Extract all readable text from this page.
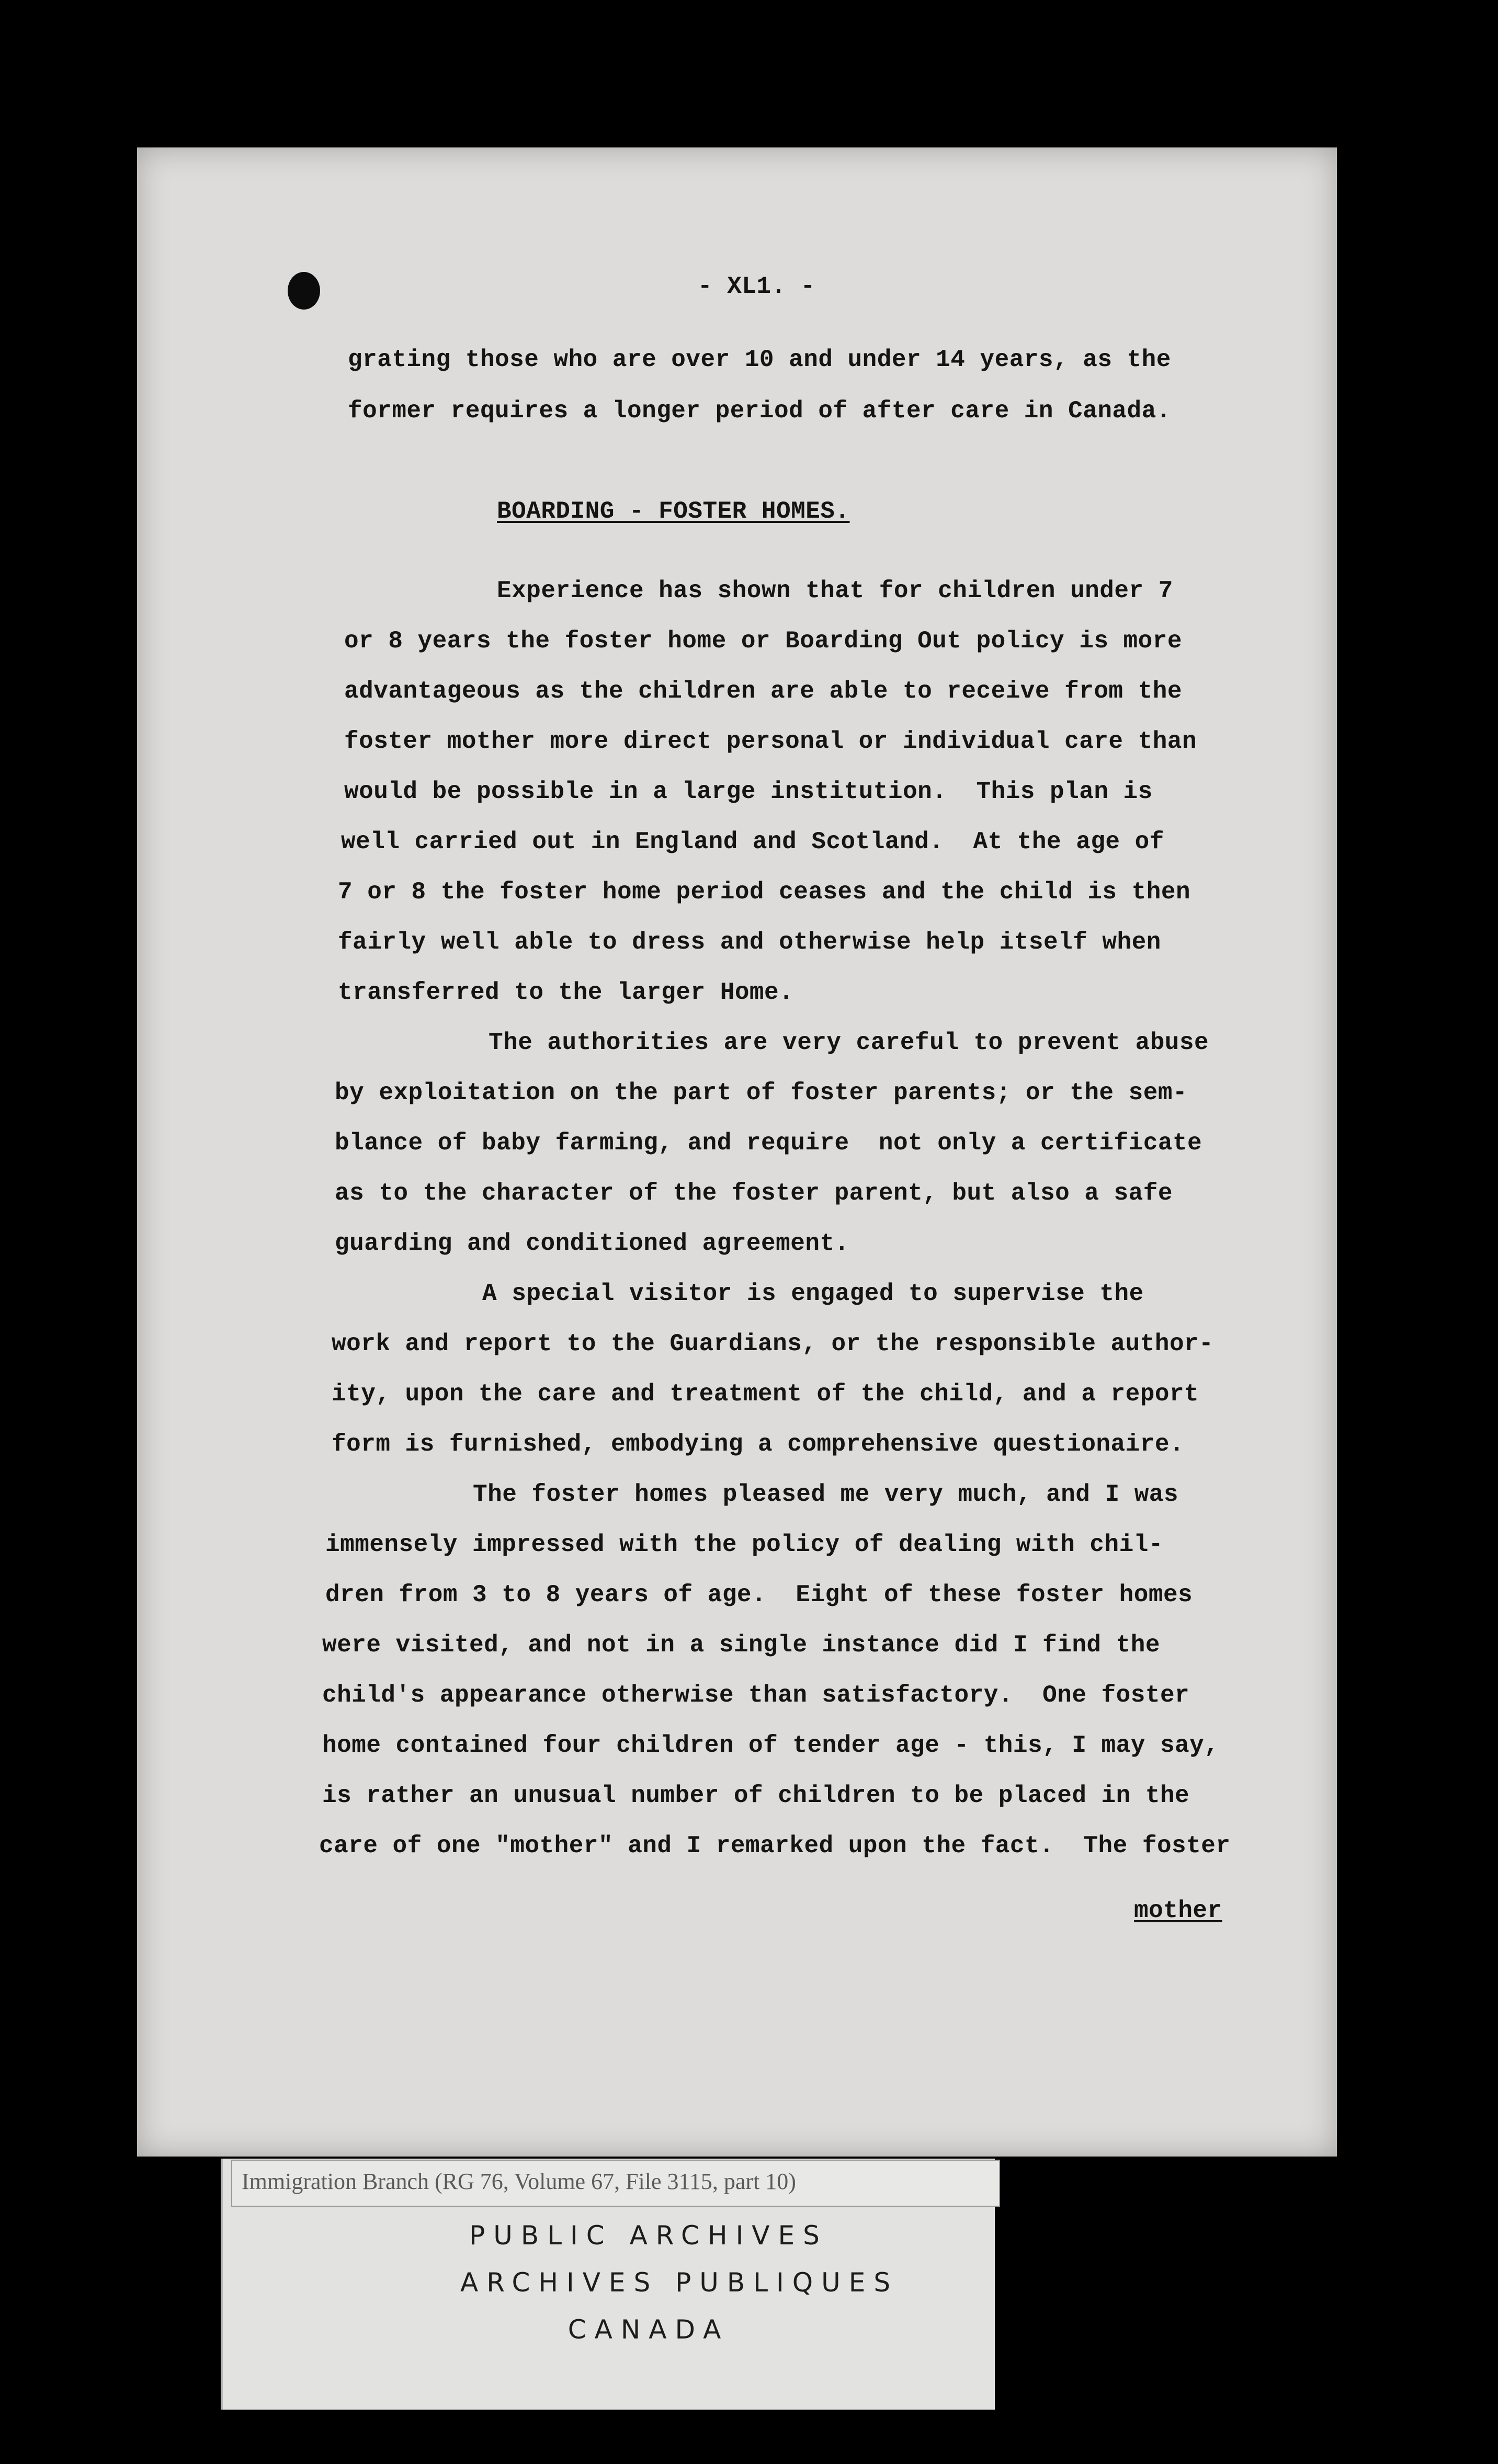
- XL1. -
grating those who are over 10 and under 14 years, as the
former requires a longer period of after care in Canada.
BOARDING - FOSTER HOMES.
Experience has shown that for children under 7
or 8 years the foster home or Boarding Out policy is more
advantageous as the children are able to receive from the
foster mother more direct personal or individual care than
would be possible in a large institution.  This plan is
well carried out in England and Scotland.  At the age of
7 or 8 the foster home period ceases and the child is then
fairly well able to dress and otherwise help itself when
transferred to the larger Home.
The authorities are very careful to prevent abuse
by exploitation on the part of foster parents; or the sem-
blance of baby farming, and require  not only a certificate
as to the character of the foster parent, but also a safe
guarding and conditioned agreement.
A special visitor is engaged to supervise the
work and report to the Guardians, or the responsible author-
ity, upon the care and treatment of the child, and a report
form is furnished, embodying a comprehensive questionaire.
The foster homes pleased me very much, and I was
immensely impressed with the policy of dealing with chil-
dren from 3 to 8 years of age.  Eight of these foster homes
were visited, and not in a single instance did I find the
child's appearance otherwise than satisfactory.  One foster
home contained four children of tender age - this, I may say,
is rather an unusual number of children to be placed in the
care of one "mother" and I remarked upon the fact.  The foster
mother
Immigration Branch (RG 76, Volume 67, File 3115, part 10)
PUBLIC ARCHIVES
ARCHIVES PUBLIQUES
CANADA
